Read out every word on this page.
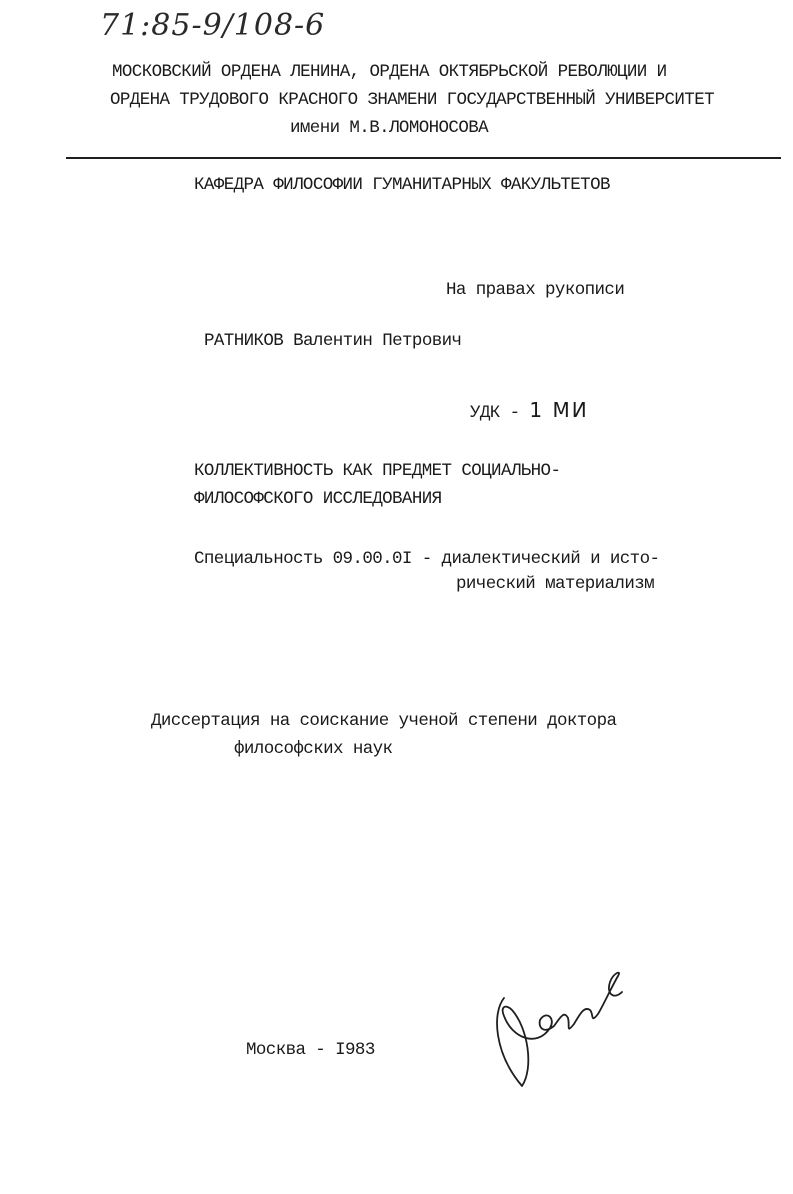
71:85-9/108-6
МОСКОВСКИЙ ОРДЕНА ЛЕНИНА, ОРДЕНА ОКТЯБРЬСКОЙ РЕВОЛЮЦИИ И
ОРДЕНА ТРУДОВОГО КРАСНОГО ЗНАМЕНИ ГОСУДАРСТВЕННЫЙ УНИВЕРСИТЕТ
имени М.В.ЛОМОНОСОВА
КАФЕДРА ФИЛОСОФИИ ГУМАНИТАРНЫХ ФАКУЛЬТЕТОВ
На правах рукописи
РАТНИКОВ Валентин Петрович
УДК - 1 МИ
КОЛЛЕКТИВНОСТЬ КАК ПРЕДМЕТ СОЦИАЛЬНО-
ФИЛОСОФСКОГО ИССЛЕДОВАНИЯ
Специальность 09.00.0I - диалектический и исто-
рический материализм
Диссертация на соискание ученой степени доктора
философских наук
Москва - I983
